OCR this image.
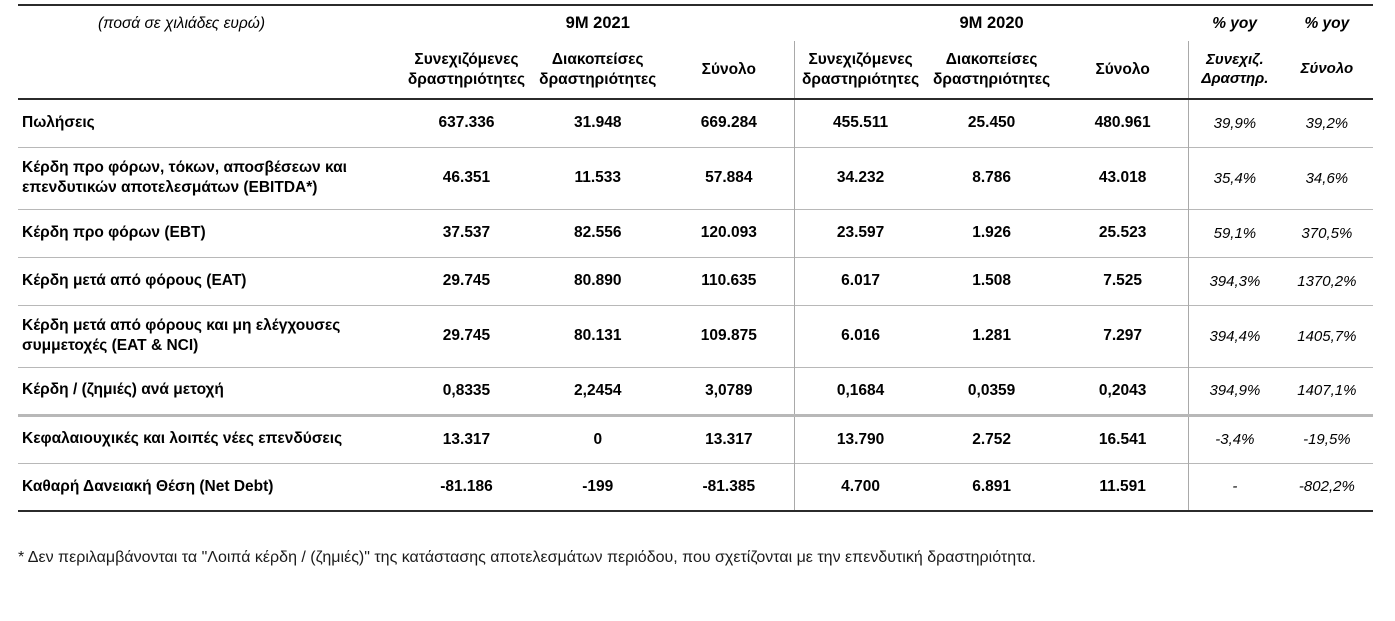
(ποσά σε χιλιάδες ευρώ)	9M 2021			9M 2020			% yoy	% yoy
	Συνεχιζόμενες δραστηριότητες	Διακοπείσες δραστηριότητες	Σύνολο	Συνεχιζόμενες δραστηριότητες	Διακοπείσες δραστηριότητες	Σύνολο	Συνεχιζ. Δραστηρ.	Σύνολο
Πωλήσεις	637.336	31.948	669.284	455.511	25.450	480.961	39,9%	39,2%
Κέρδη προ φόρων, τόκων, αποσβέσεων και επενδυτικών αποτελεσμάτων (EBITDA*)	46.351	11.533	57.884	34.232	8.786	43.018	35,4%	34,6%
Κέρδη προ φόρων (EBT)	37.537	82.556	120.093	23.597	1.926	25.523	59,1%	370,5%
Κέρδη μετά από φόρους (EAT)	29.745	80.890	110.635	6.017	1.508	7.525	394,3%	1370,2%
Κέρδη μετά από φόρους και μη ελέγχουσες συμμετοχές (EAT & NCI)	29.745	80.131	109.875	6.016	1.281	7.297	394,4%	1405,7%
Κέρδη / (ζημιές) ανά μετοχή	0,8335	2,2454	3,0789	0,1684	0,0359	0,2043	394,9%	1407,1%
Κεφαλαιουχικές και λοιπές νέες επενδύσεις	13.317	0	13.317	13.790	2.752	16.541	-3,4%	-19,5%
Καθαρή Δανειακή Θέση (Net Debt)	-81.186	-199	-81.385	4.700	6.891	11.591	-	-802,2%

* Δεν περιλαμβάνονται τα "Λοιπά κέρδη / (ζημιές)" της κατάστασης αποτελεσμάτων περιόδου, που σχετίζονται με την επενδυτική δραστηριότητα.
